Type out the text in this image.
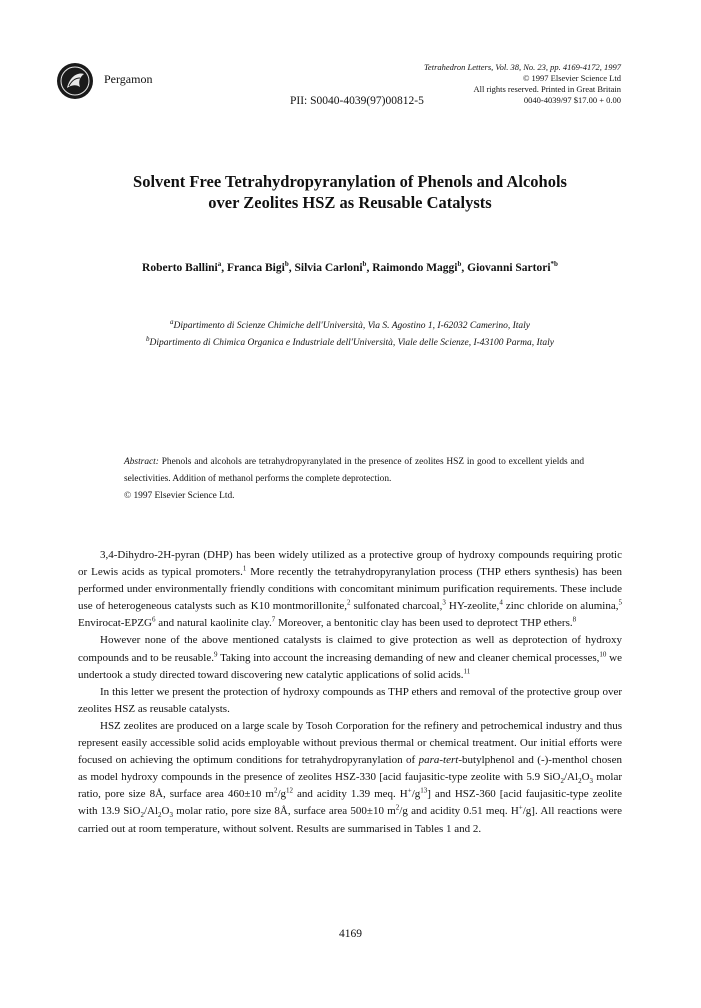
Pergamon
Tetrahedron Letters, Vol. 38, No. 23, pp. 4169-4172, 1997
© 1997 Elsevier Science Ltd
All rights reserved. Printed in Great Britain
0040-4039/97 $17.00 + 0.00
PII: S0040-4039(97)00812-5
Solvent Free Tetrahydropyranylation of Phenols and Alcohols
over Zeolites HSZ as Reusable Catalysts
Roberto Ballini$^a$, Franca Bigi$^b$, Silvia Carloni$^b$, Raimondo Maggi$^b$, Giovanni Sartori$^{*b}$
$^a$Dipartimento di Scienze Chimiche dell'Università, Via S. Agostino 1, I-62032 Camerino, Italy
$^b$Dipartimento di Chimica Organica e Industriale dell'Università, Viale delle Scienze, I-43100 Parma, Italy
Abstract: Phenols and alcohols are tetrahydropyranylated in the presence of zeolites HSZ in good to excellent yields and selectivities. Addition of methanol performs the complete deprotection.
© 1997 Elsevier Science Ltd.

3,4-Dihydro-2H-pyran (DHP) has been widely utilized as a protective group of hydroxy compounds requiring protic or Lewis acids as typical promoters.$^1$ More recently the tetrahydropyranylation process (THP ethers synthesis) has been performed under environmentally friendly conditions with concomitant minimum purification requirements. These include use of heterogeneous catalysts such as K10 montmorillonite,$^2$ sulfonated charcoal,$^3$ HY-zeolite,$^4$ zinc chloride on alumina,$^5$ Envirocat-EPZG$^6$ and natural kaolinite clay.$^7$ Moreover, a bentonitic clay has been used to deprotect THP ethers.$^8$

However none of the above mentioned catalysts is claimed to give protection as well as deprotection of hydroxy compounds and to be reusable.$^9$ Taking into account the increasing demanding of new and cleaner chemical processes,$^{10}$ we undertook a study directed toward discovering new catalytic applications of solid acids.$^{11}$

In this letter we present the protection of hydroxy compounds as THP ethers and removal of the protective group over zeolites HSZ as reusable catalysts.

HSZ zeolites are produced on a large scale by Tosoh Corporation for the refinery and petrochemical industry and thus represent easily accessible solid acids employable without previous thermal or chemical treatment. Our initial efforts were focused on achieving the optimum conditions for tetrahydropyranylation of para-tert-butylphenol and (-)-menthol chosen as model hydroxy compounds in the presence of zeolites HSZ-330 [acid faujasitic-type zeolite with 5.9 $SiO_2/Al_2O_3$ molar ratio, pore size 8Å, surface area 460±10 $m^2/g^{12}$ and acidity 1.39 meq. $H^+/g^{13}$] and HSZ-360 [acid faujasitic-type zeolite with 13.9 $SiO_2/Al_2O_3$ molar ratio, pore size 8Å, surface area 500±10 $m^2/g$ and acidity 0.51 meq. H+/g]. All reactions were carried out at room temperature, without solvent. Results are summarised in Tables 1 and 2.

4169
